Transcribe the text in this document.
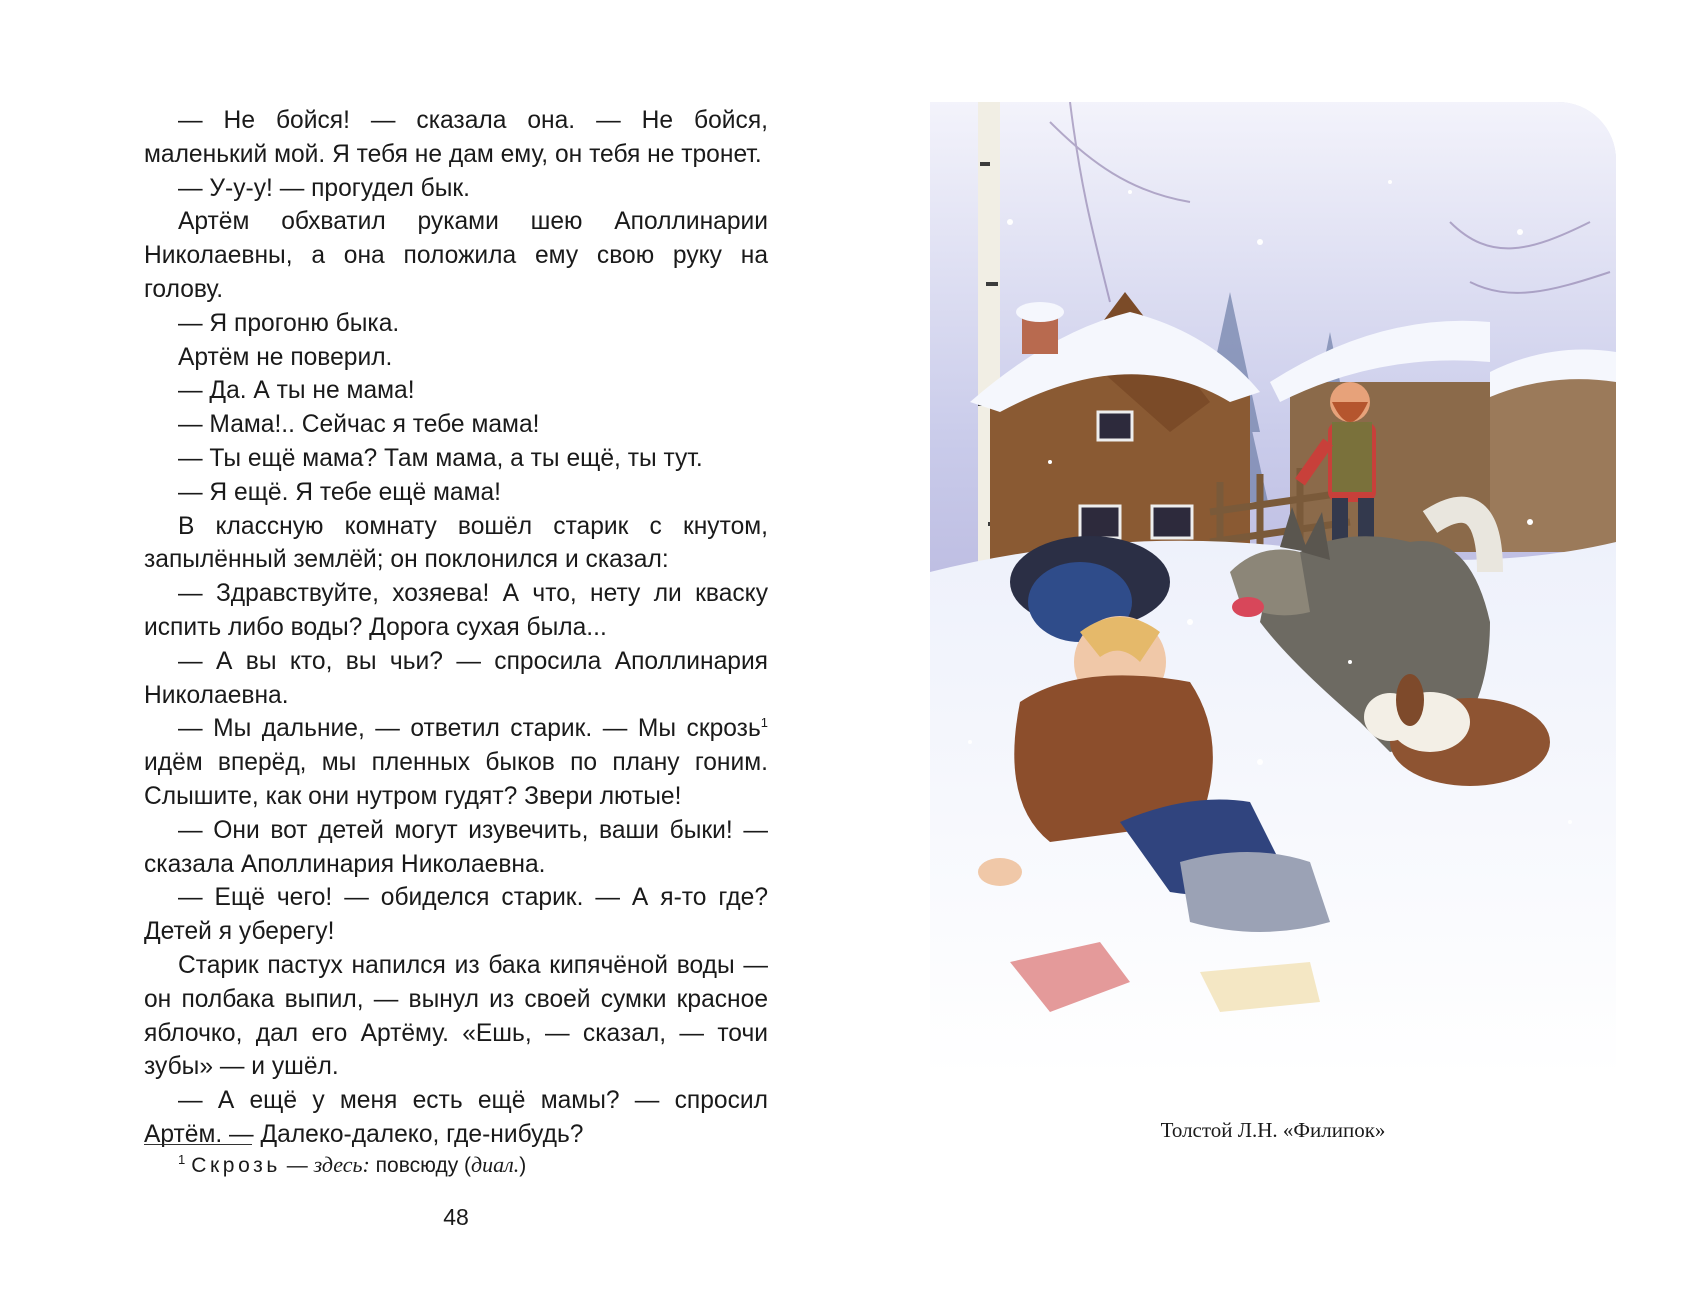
— Не бойся! — сказала она. — Не бойся, маленький мой. Я тебя не дам ему, он тебя не тронет.

— У-у-у! — прогудел бык.

Артём обхватил руками шею Аполлинарии Николаевны, а она положила ему свою руку на голову.

— Я прогоню быка.

Артём не поверил.

— Да. А ты не мама!

— Мама!.. Сейчас я тебе мама!

— Ты ещё мама? Там мама, а ты ещё, ты тут.

— Я ещё. Я тебе ещё мама!

В классную комнату вошёл старик с кнутом, запылённый землёй; он поклонился и сказал:

— Здравствуйте, хозяева! А что, нету ли кваску испить либо воды? Дорога сухая была...

— А вы кто, вы чьи? — спросила Аполлинария Николаевна.

— Мы дальние, — ответил старик. — Мы скрозь$^1$ идём вперёд, мы пленных быков по плану гоним. Слышите, как они нутром гудят? Звери лютые!

— Они вот детей могут изувечить, ваши быки! — сказала Аполлинария Николаевна.

— Ещё чего! — обиделся старик. — А я-то где? Детей я уберегу!

Старик пастух напился из бака кипячёной воды — он полбака выпил, — вынул из своей сумки красное яблочко, дал его Артёму. «Ешь, — сказал, — точи зубы» — и ушёл.

— А ещё у меня есть ещё мамы? — спросил Артём. — Далеко-далеко, где-нибудь?

$^1$ Скрозь — здесь: повсюду (диал.)
48
Толстой Л.Н. «Филипок»
